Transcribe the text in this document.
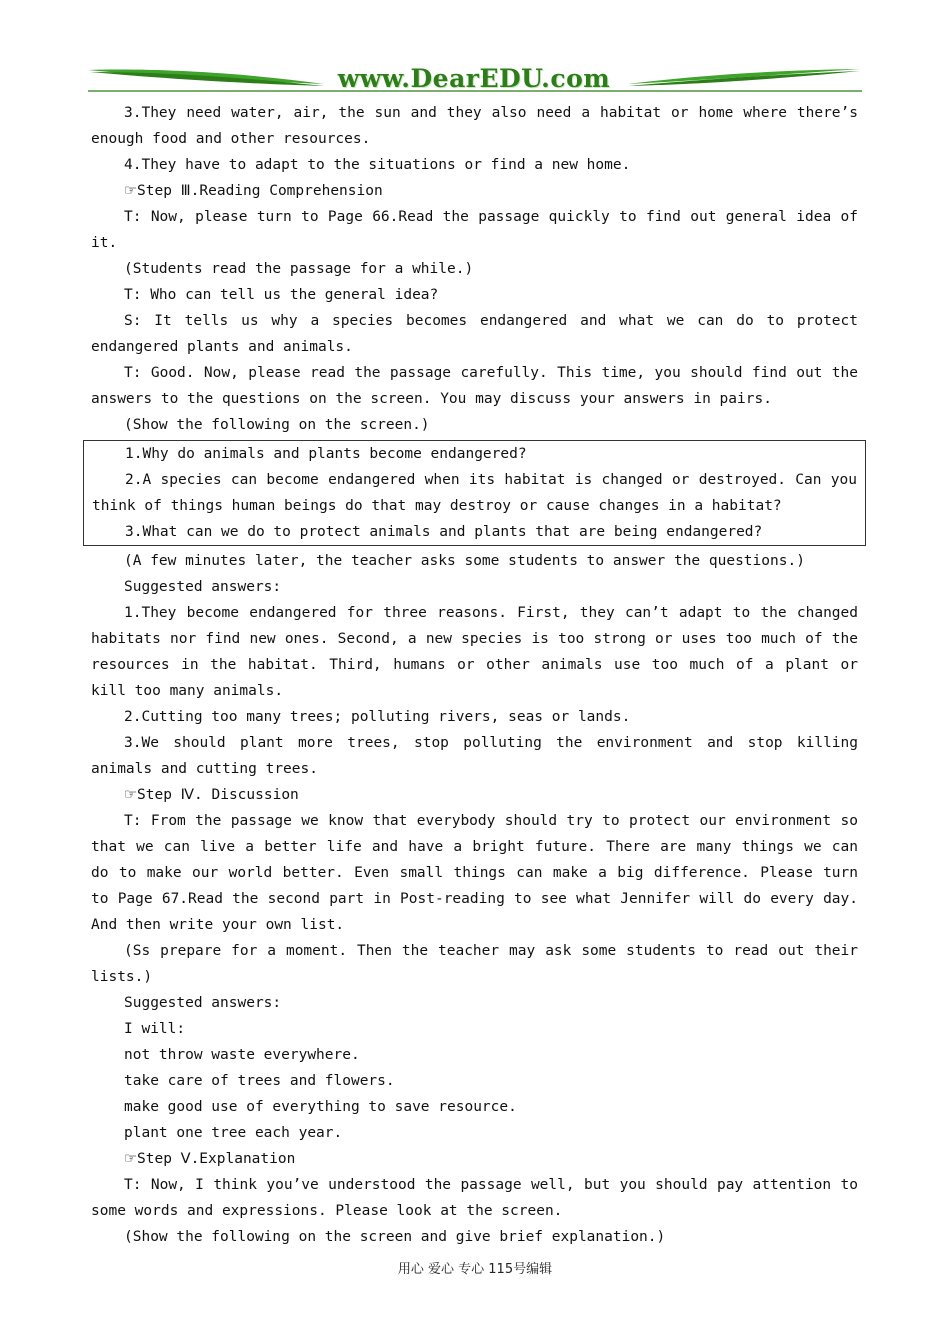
www.DearEDU.com

3.They need water, air, the sun and they also need a habitat or home where there’s enough food and other resources.

4.They have to adapt to the situations or find a new home.

☞Step Ⅲ.Reading Comprehension

T: Now, please turn to Page 66.Read the passage quickly to find out general idea of it.

(Students read the passage for a while.)

T: Who can tell us the general idea?

S: It tells us why a species becomes endangered and what we can do to protect endangered plants and animals.

T: Good. Now, please read the passage carefully. This time, you should find out the answers to the questions on the screen. You may discuss your answers in pairs.

(Show the following on the screen.)

1.Why do animals and plants become endangered?

2.A species can become endangered when its habitat is changed or destroyed. Can you think of things human beings do that may destroy or cause changes in a habitat?

3.What can we do to protect animals and plants that are being endangered?

(A few minutes later, the teacher asks some students to answer the questions.)

Suggested answers:

1.They become endangered for three reasons. First, they can’t adapt to the changed habitats nor find new ones. Second, a new species is too strong or uses too much of the resources in the habitat. Third, humans or other animals use too much of a plant or kill too many animals.

2.Cutting too many trees; polluting rivers, seas or lands.

3.We should plant more trees, stop polluting the environment and stop killing animals and cutting trees.

☞Step Ⅳ. Discussion

T: From the passage we know that everybody should try to protect our environment so that we can live a better life and have a bright future. There are many things we can do to make our world better. Even small things can make a big difference. Please turn to Page 67.Read the second part in Post-reading to see what Jennifer will do every day. And then write your own list.

(Ss prepare for a moment. Then the teacher may ask some students to read out their lists.)

Suggested answers:

I will:

not throw waste everywhere.

take care of trees and flowers.

make good use of everything to save resource.

plant one tree each year.

☞Step Ⅴ.Explanation

T: Now, I think you’ve understood the passage well, but you should pay attention to some words and expressions. Please look at the screen.

(Show the following on the screen and give brief explanation.)

用心 爱心 专心 115号编辑
